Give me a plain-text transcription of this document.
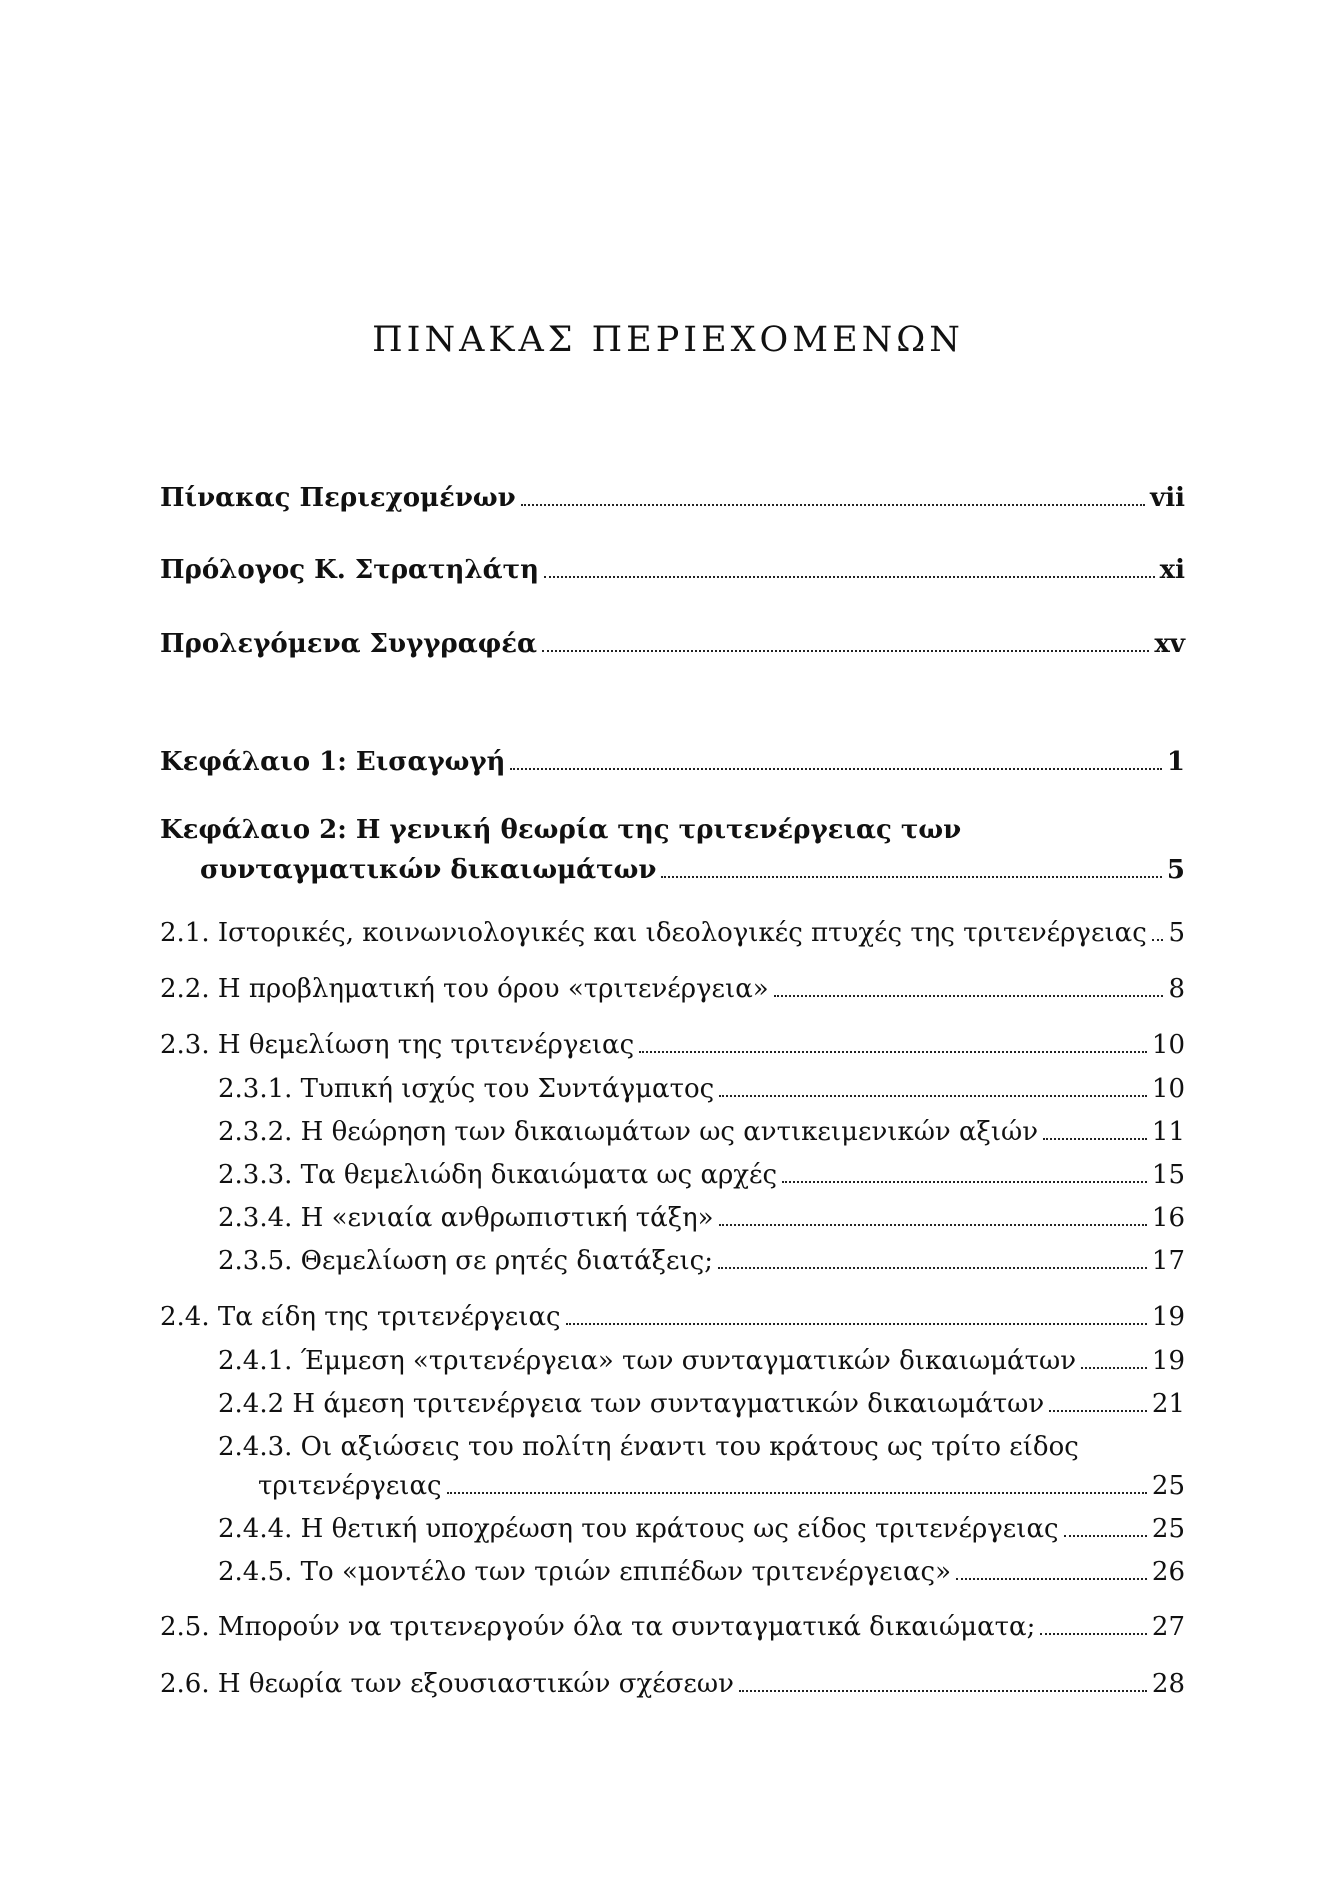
ΠΙΝΑΚΑΣ ΠΕΡΙΕΧΟΜΕΝΩΝ
Πίνακας Περιεχομένων	vii
Πρόλογος Κ. Στρατηλάτη	xi
Προλεγόμενα Συγγραφέα	xv
Κεφάλαιο 1: Εισαγωγή	1
Κεφάλαιο 2: Η γενική θεωρία της τριτενέργειας των
συνταγματικών δικαιωμάτων	5
2.1. Ιστορικές, κοινωνιολογικές και ιδεολογικές πτυχές της τριτενέργειας 5
2.2. Η προβληματική του όρου «τριτενέργεια»	8
2.3. Η θεμελίωση της τριτενέργειας	10
2.3.1. Τυπική ισχύς του Συντάγματος	10
2.3.2. Η θεώρηση των δικαιωμάτων ως αντικειμενικών αξιών	11
2.3.3. Τα θεμελιώδη δικαιώματα ως αρχές	15
2.3.4. Η «ενιαία ανθρωπιστική τάξη»	16
2.3.5. Θεμελίωση σε ρητές διατάξεις;	17
2.4. Τα είδη της τριτενέργειας	19
2.4.1. Έμμεση «τριτενέργεια» των συνταγματικών δικαιωμάτων	19
2.4.2 Η άμεση τριτενέργεια των συνταγματικών δικαιωμάτων	21
2.4.3. Οι αξιώσεις του πολίτη έναντι του κράτους ως τρίτο είδος
τριτενέργειας	25
2.4.4. Η θετική υποχρέωση του κράτους ως είδος τριτενέργειας	25
2.4.5. Το «μοντέλο των τριών επιπέδων τριτενέργειας»	26
2.5. Μπορούν να τριτενεργούν όλα τα συνταγματικά δικαιώματα;	27
2.6. Η θεωρία των εξουσιαστικών σχέσεων	28
